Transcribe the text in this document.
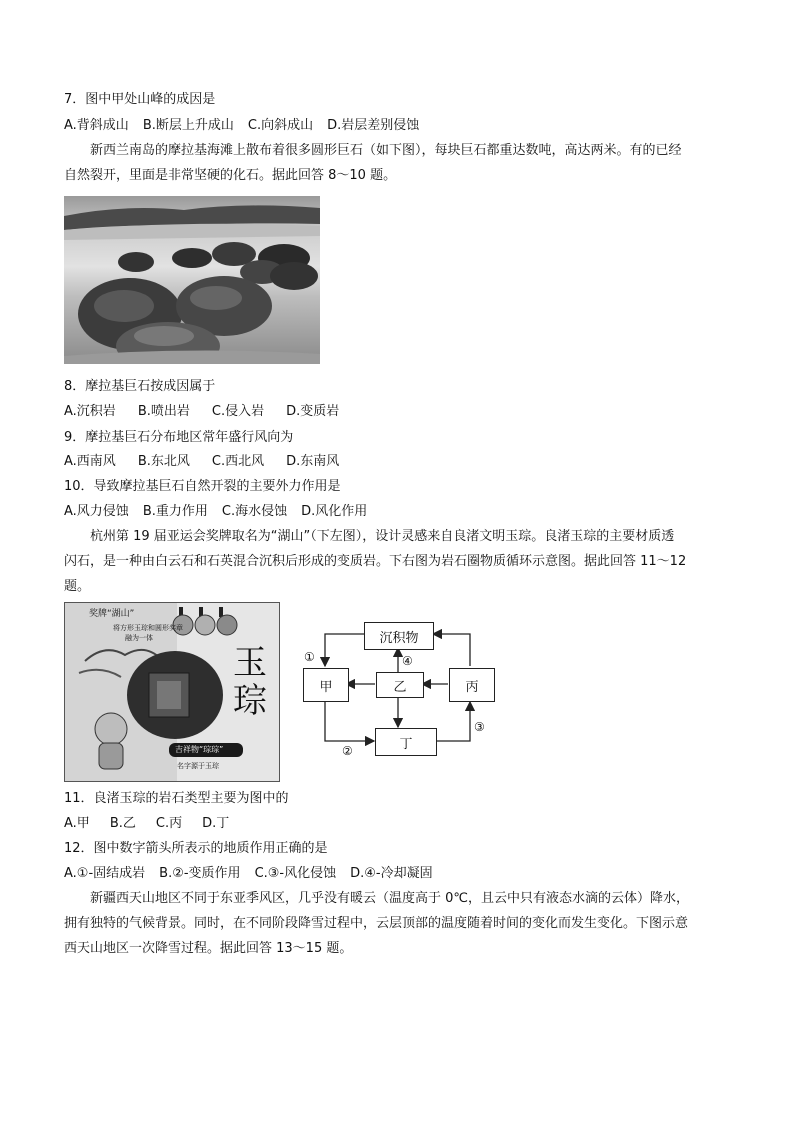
7．图中甲处山峰的成因是
A.背斜成山 B.断层上升成山 C.向斜成山 D.岩层差别侵蚀
新西兰南岛的摩拉基海滩上散布着很多圆形巨石（如下图），每块巨石都重达数吨，高达两米。有的已经
自然裂开，里面是非常坚硬的化石。据此回答 8～10 题。
8．摩拉基巨石按成因属于
A.沉积岩 B.喷出岩 C.侵入岩 D.变质岩
9．摩拉基巨石分布地区常年盛行风向为
A.西南风 B.东北风 C.西北风 D.东南风
10．导致摩拉基巨石自然开裂的主要外力作用是
A.风力侵蚀 B.重力作用 C.海水侵蚀 D.风化作用
杭州第 19 届亚运会奖牌取名为“湖山”（下左图），设计灵感来自良渚文明玉琮。良渚玉琮的主要材质透
闪石，是一种由白云石和石英混合沉积后形成的变质岩。下右图为岩石圈物质循环示意图。据此回答 11～12
题。
奖牌“湖山”
将方形玉琮和圆形奖章
融为一体
玉
琮
吉祥物“琮琮”
名字源于玉琮
沉积物
甲	乙	丙
丁
①
②
③
④
11．良渚玉琮的岩石类型主要为图中的
A.甲 B.乙 C.丙 D.丁
12．图中数字箭头所表示的地质作用正确的是
A.①-固结成岩 B.②-变质作用 C.③-风化侵蚀 D.④-冷却凝固
新疆西天山地区不同于东亚季风区，几乎没有暖云（温度高于 0℃，且云中只有液态水滴的云体）降水，
拥有独特的气候背景。同时，在不同阶段降雪过程中，云层顶部的温度随着时间的变化而发生变化。下图示意
西天山地区一次降雪过程。据此回答 13～15 题。
